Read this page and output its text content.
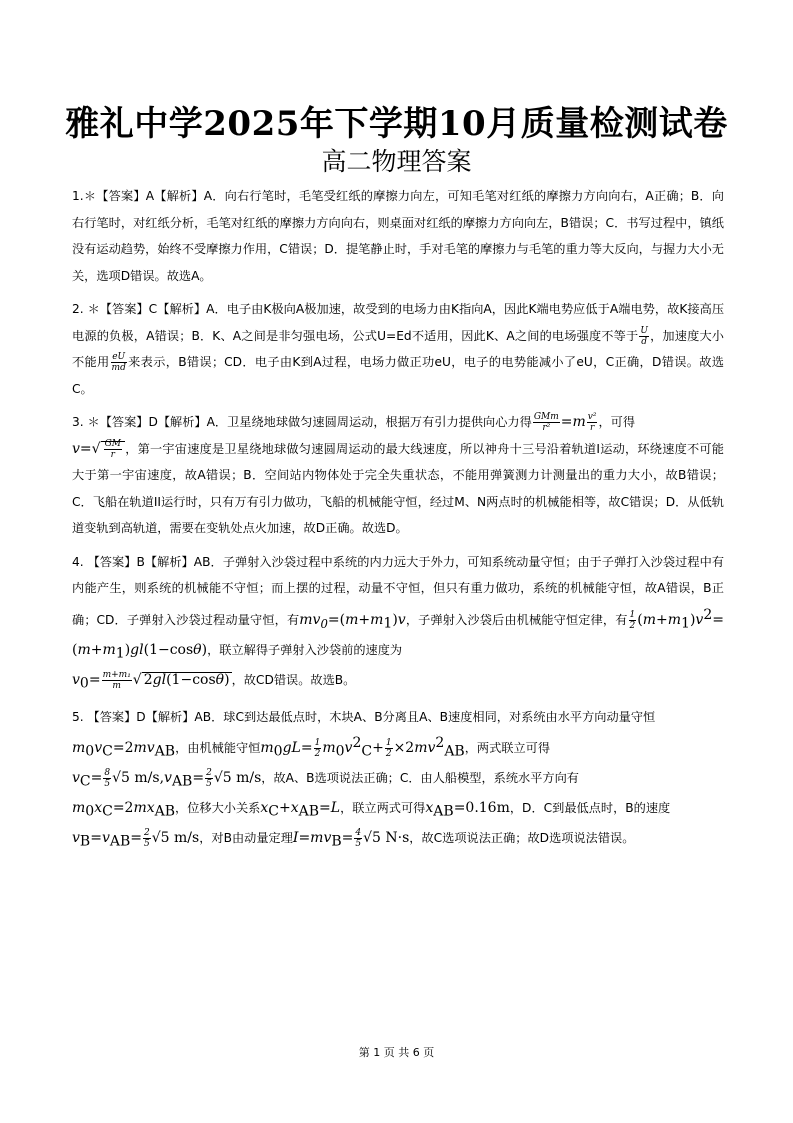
雅礼中学2025年下学期10月质量检测试卷
高二物理答案

1.＊【答案】A【解析】A．向右行笔时，毛笔受红纸的摩擦力向左，可知毛笔对红纸的摩擦力方向向右，A正确；B．向右行笔时，对红纸分析，毛笔对红纸的摩擦力方向向右，则桌面对红纸的摩擦力方向向左，B错误；C．书写过程中，镇纸没有运动趋势，始终不受摩擦力作用，C错误；D．提笔静止时，手对毛笔的摩擦力与毛笔的重力等大反向，与握力大小无关，选项D错误。故选A。

2. ＊【答案】C【解析】A．电子由K极向A极加速，故受到的电场力由K指向A，因此K端电势应低于A端电势，故K接高压电源的负极，A错误；B．K、A之间是非匀强电场，公式U=Ed不适用，因此K、A之间的电场强度不等于 $\frac{U}{d}$ ，加速度大小不能用 $\frac{eU}{md}$ 来表示，B错误；CD．电子由K到A过程，电场力做正功eU，电子的电势能减小了eU，C正确，D错误。故选C。

3. ＊【答案】D【解析】A．卫星绕地球做匀速圆周运动，根据万有引力提供向心力得 $\frac{\text{GMm}}{\text{r²}} =m \frac{\text{v²}}{r}$ ，可得
$v=√ \frac{GM}{r}$ ，第一宇宙速度是卫星绕地球做匀速圆周运动的最大线速度，所以神舟十三号沿着轨道Ⅰ运动，环绕速度不可能大于第一宇宙速度，故A错误；B．空间站内物体处于完全失重状态，不能用弹簧测力计测量出的重力大小，故B错误；C．飞船在轨道II运行时，只有万有引力做功，飞船的机械能守恒，经过M、N两点时的机械能相等，故C错误；D．从低轨道变轨到高轨道，需要在变轨处点火加速，故D正确。故选D。

4. 【答案】B【解析】AB．子弹射入沙袋过程中系统的内力远大于外力，可知系统动量守恒；由于子弹打入沙袋过程中有内能产生，则系统的机械能不守恒；而上摆的过程，动量不守恒，但只有重力做功，系统的机械能守恒，故A错误，B正确；CD．子弹射入沙袋过程动量守恒，有$mv_0=(m+m_1)v$，子弹射入沙袋后由机械能守恒定律，有 $\frac{1}{2} (m+m_1)v^2=(m+m_1)gl(1-\cos\theta)$，联立解得子弹射入沙袋前的速度为
$v_0= \frac{\text{m+m₁}}{m}$ √ 2gl(1−cosθ) ，故CD错误。故选B。

5. 【答案】D【解析】AB．球C到达最低点时，木块A、B分离且A、B速度相同，对系统由水平方向动量守恒
$m_0v_C=2mv_{AB}$，由机械能守恒$m_0gL= \frac{1}{2} m_0v^2_C+ \frac{1}{2} \times 2mv^2_{AB}$，两式联立可得
$v_C= \frac{8}{5} √5$ $m/s,v_{AB}= \frac{2}{5} √5$ m/s，故A、B选项说法正确；C．由人船模型，系统水平方向有
$m_0x_C=2mx_{AB}$，位移大小关系$x_C+x_{AB}=L$，联立两式可得$x_{AB}=0.16m$，D．C到最低点时，B的速度
$v_B=v_{AB}= \frac{2}{5} √5$ m/s，对B由动量定理$I=mv_B= \frac{4}{5} √5$ N·s，故C选项说法正确；故D选项说法错误。

第 1 页 共 6 页
